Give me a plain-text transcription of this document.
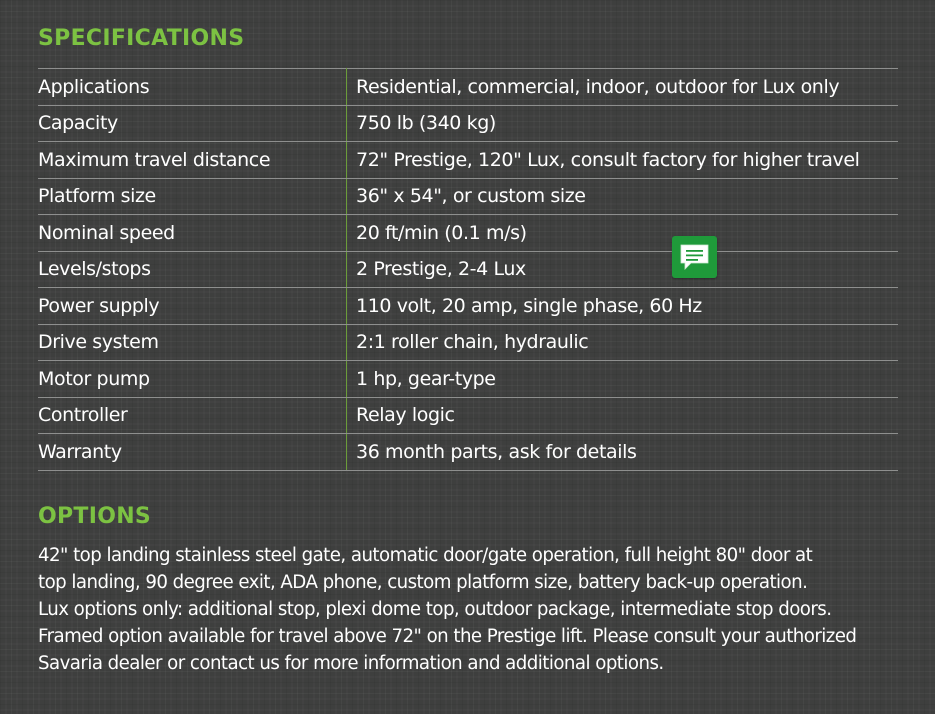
SPECIFICATIONS
Applications	Residential, commercial, indoor, outdoor for Lux only
Capacity	750 lb (340 kg)
Maximum travel distance	72" Prestige, 120" Lux, consult factory for higher travel
Platform size	36" x 54", or custom size
Nominal speed	20 ft/min (0.1 m/s)
Levels/stops	2 Prestige, 2-4 Lux
Power supply	110 volt, 20 amp, single phase, 60 Hz
Drive system	2:1 roller chain, hydraulic
Motor pump	1 hp, gear-type
Controller	Relay logic
Warranty	36 month parts, ask for details
OPTIONS

42" top landing stainless steel gate, automatic door/gate operation, full height 80" door at
top landing, 90 degree exit, ADA phone, custom platform size, battery back-up operation.
Lux options only: additional stop, plexi dome top, outdoor package, intermediate stop doors.
Framed option available for travel above 72" on the Prestige lift. Please consult your authorized
Savaria dealer or contact us for more information and additional options.
